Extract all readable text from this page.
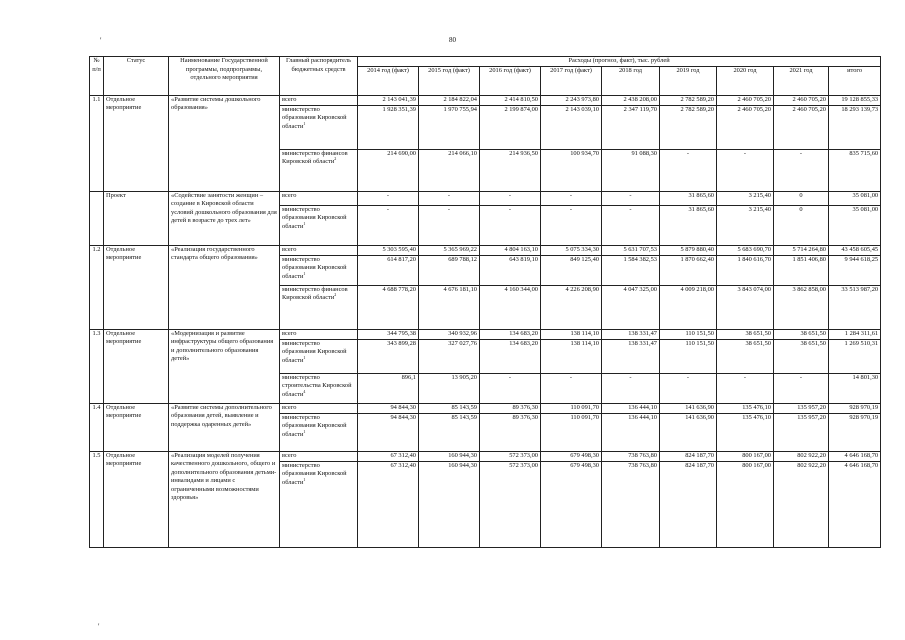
80
'
'
№
п/п	Статус	Наименование Государственной программы, подпрограммы, отдельного мероприятия	Главный распорядитель бюджетных средств	Расходы (прогноз, факт), тыс. рублей								
				2014 год (факт)	2015 год (факт)	2016 год (факт)	2017 год (факт)	2018 год	2019 год	2020 год	2021 год	итого
1.1	Отдельное мероприятие	«Развитие системы дошкольного образования»	всего	2 143 041,39	2 184 822,04	2 414 810,50	2 243 973,80	2 438 208,00	2 782 589,20	2 460 705,20	2 460 705,20	19 128 855,33
			министерство образования Кировской области$^1$	1 928 351,39	1 970 755,94	2 199 874,00	2 143 039,10	2 347 119,70	2 782 589,20	2 460 705,20	2 460 705,20	18 293 139,73
			министерство финансов Кировской области$^2$	214 690,00	214 066,10	214 936,50	100 934,70	91 088,30	-	-	-	835 715,60
	Проект	«Содействие занятости женщин – создание в Кировской области условий дошкольного образования для детей в возрасте до трех лет»	всего	-	-	-	-	-	31 865,60	3 215,40	0	35 081,00
			министерство образования Кировской области$^1$	-	-	-	-	-	31 865,60	3 215,40	0	35 081,00
1.2	Отдельное мероприятие	«Реализация государственного стандарта общего образования»	всего	5 303 595,40	5 365 969,22	4 804 163,10	5 075 334,30	5 631 707,53	5 879 880,40	5 683 690,70	5 714 264,80	43 458 605,45
			министерство образования Кировской области$^1$	614 817,20	689 788,12	643 819,10	849 125,40	1 584 382,53	1 870 662,40	1 840 616,70	1 851 406,80	9 944 618,25
			министерство финансов Кировской области$^2$	4 688 778,20	4 676 181,10	4 160 344,00	4 226 208,90	4 047 325,00	4 009 218,00	3 843 074,00	3 862 858,00	33 513 987,20
1.3	Отдельное мероприятие	«Модернизация и развитие инфраструктуры общего образования и дополнительного образования детей»	всего	344 795,38	340 932,96	134 683,20	138 114,10	138 331,47	110 151,50	38 651,50	38 651,50	1 284 311,61
			министерство образования Кировской области$^1$	343 899,28	327 027,76	134 683,20	138 114,10	138 331,47	110 151,50	38 651,50	38 651,50	1 269 510,31
			министерство строительства Кировской области$^4$	896,1	13 905,20	-	-	-	-	-	-	14 801,30
1.4	Отдельное мероприятие	«Развитие системы дополнительного образования детей, выявление и поддержка одаренных детей»	всего	94 844,30	85 143,59	89 376,30	110 091,70	136 444,10	141 636,90	135 476,10	135 957,20	928 970,19
			министерство образования Кировской области$^1$	94 844,30	85 143,59	89 376,30	110 091,70	136 444,10	141 636,90	135 476,10	135 957,20	928 970,19
1.5	Отдельное мероприятие	«Реализация моделей получения качественного дошкольного, общего и дополнительного образования детьми-инвалидами и лицами с ограниченными возможностями здоровья»	всего	67 312,40	160 944,30	572 373,00	679 498,30	738 763,80	824 187,70	800 167,00	802 922,20	4 646 168,70
			министерство образования Кировской области$^1$	67 312,40	160 944,30	572 373,00	679 498,30	738 763,80	824 187,70	800 167,00	802 922,20	4 646 168,70
